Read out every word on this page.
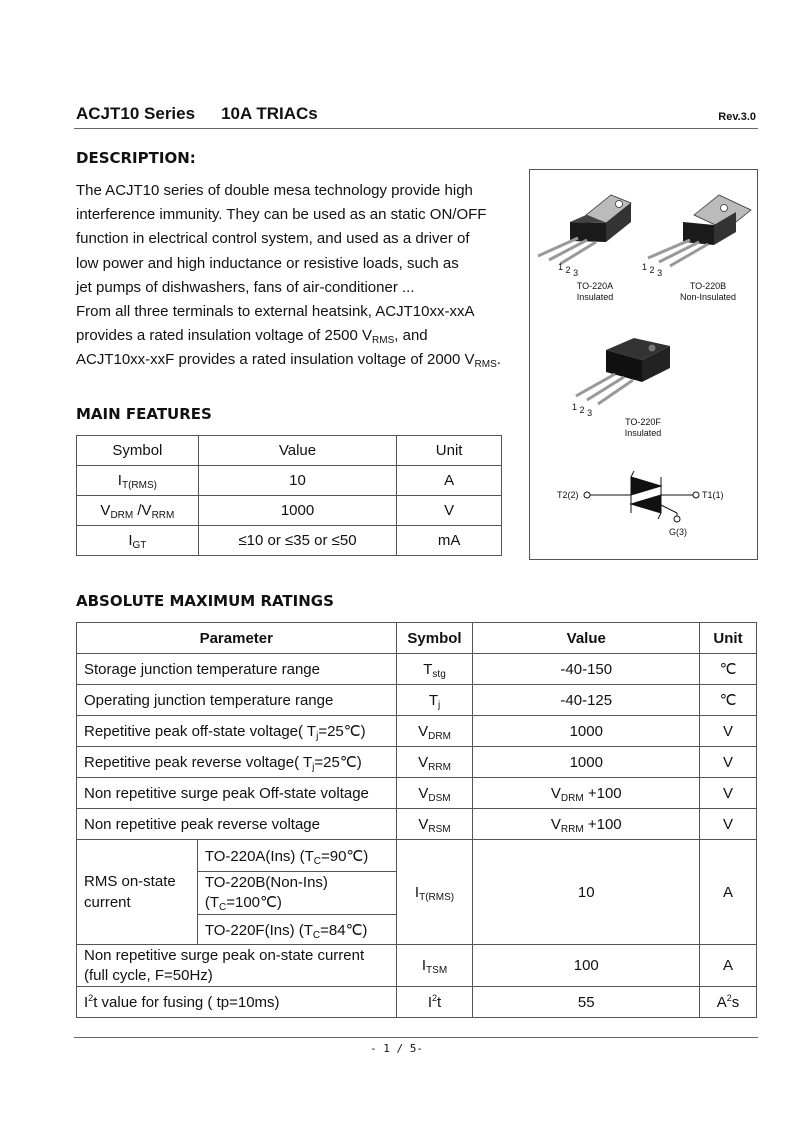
ACJT10 Series 10A TRIACs	Rev.3.0
DESCRIPTION:

The ACJT10 series of double mesa technology provide high

interference immunity. They can be used as an static ON/OFF

function in electrical control system, and used as a driver of

low power and high inductance or resistive loads, such as

jet pumps of dishwashers, fans of air-conditioner ...

From all three terminals to external heatsink, ACJT10xx-xxA

provides a rated insulation voltage of 2500 $V_{RMS}$, and

ACJT10xx-xxF provides a rated insulation voltage of 2000 $V_{RMS}$.

1 2 3
TO-220A
Insulated
1 2 3
TO-220B
Non-Insulated
1 2 3
TO-220F
Insulated
T2(2)	T1(1)
G(3)
MAIN FEATURES
Symbol	Value	Unit
$I_{T(RMS)}$	10	A
$V_{DRM}$ $/V_{RRM}$	1000	V
$I_{GT}$	≤10 or ≤35 or ≤50	mA
ABSOLUTE MAXIMUM RATINGS
Parameter		Symbol	Value	Unit
Storage junction temperature range		$T_{stg}$	-40-150	℃
Operating junction temperature range		$T_j$	-40-125	℃
Repetitive peak off-state voltage( $T_j=25℃$)		$V_{DRM}$	1000	V
Repetitive peak reverse voltage( $T_j=25℃$)		$V_{RRM}$	1000	V
Non repetitive surge peak Off-state voltage		$V_{DSM}$	$V_{DRM} +100$	V
Non repetitive peak reverse voltage		$V_{RSM}$	$V_{RRM} +100$	V

RMS on-state
current	TO-220A(Ins) $(T_C=90℃)$	$I_{T(RMS)}$	10	A

	TO-220B(Non-Ins)
$(T_C=100℃)$			

	TO-220F(Ins) $(T_C=84℃)$			

Non repetitive surge peak on-state current
(full cycle, F=50Hz)		$I_{TSM}$	100	A
$I^2t$ value for fusing ( tp=10ms)		$I^2t$	55	$A^2s$
- 1 / 5-
